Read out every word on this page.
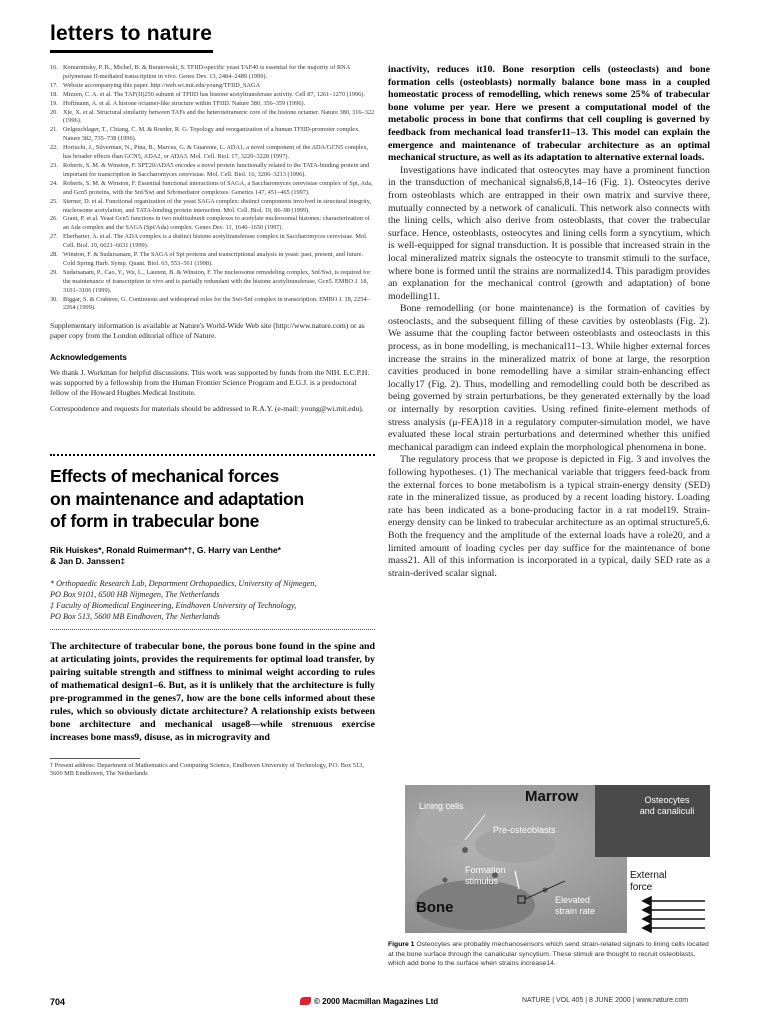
letters to nature
16. Komarnitsky, P. B., Michel, B. & Buratowski, S. TFIID-specific yeast TAF40 is essential for the majority of RNA polymerase II-mediated transcription in vivo. Genes Dev. 13, 2484–2489 (1999).
17. Website accompanying this paper. http://web.wi.mit.edu/young/TFIID_SAGA
18. Mizzen, C. A. et al. The TAF(II)250 subunit of TFIID has histone acetyltransferase activity. Cell 87, 1261–1270 (1996).
19. Hoffmann, A. et al. A histone octamer-like structure within TFIID. Nature 380, 356–359 (1996).
20. Xie, X. et al. Structural similarity between TAFs and the heterotetrameric core of the histone octamer. Nature 380, 316–322 (1996).
21. Oelgeschlager, T., Chiang, C. M. & Roeder, R. G. Topology and reorganization of a human TFIID-promoter complex. Nature 382, 735–738 (1996).
22. Horiuchi, J., Silverman, N., Pina, B., Marcus, G. & Guarente, L. ADA1, a novel component of the ADA/GCN5 complex, has broader effects than GCN5, ADA2, or ADA3. Mol. Cell. Biol. 17, 3220–3228 (1997).
23. Roberts, S. M. & Winston, F. SPT20/ADA5 encodes a novel protein functionally related to the TATA-binding protein and important for transcription in Saccharomyces cerevisiae. Mol. Cell. Biol. 16, 3206–3213 (1996).
24. Roberts, S. M. & Winston, F. Essential functional interactions of SAGA, a Saccharomyces cerevisiae complex of Spt, Ada, and Gcn5 proteins, with the Snf/Swi and Srb/mediator complexes. Genetics 147, 451–465 (1997).
25. Sterner, D. et al. Functional organization of the yeast SAGA complex: distinct components involved in structural integrity, nucleosome acetylation, and TATA-binding protein interaction. Mol. Cell. Biol. 19, 86–98 (1999).
26. Grant, P. et al. Yeast Gcn5 functions in two multisubunit complexes to acetylate nucleosomal histones: characterization of an Ada complex and the SAGA (Spt/Ada) complex. Genes Dev. 11, 1640–1650 (1997).
27. Eberharter, A. et al. The ADA complex is a distinct histone acetyltransferase complex in Saccharomyces cerevisiae. Mol. Cell. Biol. 19, 6621–6631 (1999).
28. Winston, F. & Sudarsanam, P. The SAGA of Spt proteins and transcriptional analysis in yeast: past, present, and future. Cold Spring Harb. Symp. Quant. Biol. 63, 553–561 (1998).
29. Sudarsanam, P., Cao, Y., Wu, L., Laurent, B. & Winston, F. The nucleosome remodeling complex, Snf/Swi, is required for the maintenance of transcription in vivo and is partially redundant with the histone acetyltransferase, Gcn5. EMBO J. 18, 3101–3106 (1999).
30. Biggar, S. & Crabtree, G. Continuous and widespread roles for the Swi-Snf complex in transcription. EMBO J. 18, 2254–2264 (1999).
Supplementary information is available at Nature's World-Wide Web site (http://www.nature.com) or as paper copy from the London editorial office of Nature.
Acknowledgements
We thank J. Workman for helpful discussions. This work was supported by funds from the NIH. E.C.P.H. was supported by a fellowship from the Human Frontier Science Program and E.G.J. is a predoctoral fellow of the Howard Hughes Medical Institute.
Correspondence and requests for materials should be addressed to R.A.Y. (e-mail: young@wi.mit.edu).
Effects of mechanical forces
on maintenance and adaptation
of form in trabecular bone
Rik Huiskes*, Ronald Ruimerman*†, G. Harry van Lenthe*
& Jan D. Janssen‡
* Orthopaedic Research Lab, Department Orthopaedics, University of Nijmegen,
PO Box 9101, 6500 HB Nijmegen, The Netherlands
‡ Faculty of Biomedical Engineering, Eindhoven University of Technology,
PO Box 513, 5600 MB Eindhoven, The Netherlands
The architecture of trabecular bone, the porous bone found in the spine and at articulating joints, provides the requirements for optimal load transfer, by pairing suitable strength and stiffness to minimal weight according to rules of mathematical design1–6. But, as it is unlikely that the architecture is fully pre-programmed in the genes7, how are the bone cells informed about these rules, which so obviously dictate architecture? A relationship exists between bone architecture and mechanical usage8—while strenuous exercise increases bone mass9, disuse, as in microgravity and
† Present address: Department of Mathematics and Computing Science, Eindhoven University of Technology, P.O. Box 513, 5600 MB Eindhoven, The Netherlands
inactivity, reduces it10. Bone resorption cells (osteoclasts) and bone formation cells (osteoblasts) normally balance bone mass in a coupled homeostatic process of remodelling, which renews some 25% of trabecular bone volume per year. Here we present a computational model of the metabolic process in bone that confirms that cell coupling is governed by feedback from mechanical load transfer11–13. This model can explain the emergence and maintenance of trabecular architecture as an optimal mechanical structure, as well as its adaptation to alternative external loads.

Investigations have indicated that osteocytes may have a prominent function in the transduction of mechanical signals6,8,14–16 (Fig. 1). Osteocytes derive from osteoblasts which are entrapped in their own matrix and survive there, mutually connected by a network of canaliculi. This network also connects with the lining cells, which also derive from osteoblasts, that cover the trabecular surface. Hence, osteoblasts, osteocytes and lining cells form a syncytium, which is well-equipped for signal transduction. It is possible that increased strain in the local mineralized matrix signals the osteocyte to transmit stimuli to the surface, where bone is formed until the strains are normalized14. This paradigm provides an explanation for the mechanical control (growth and adaptation) of bone modelling11.

Bone remodelling (or bone maintenance) is the formation of cavities by osteoclasts, and the subsequent filling of these cavities by osteoblasts (Fig. 2). We assume that the coupling factor between osteoblasts and osteoclasts in this process, as in bone modelling, is mechanical11–13. While higher external forces increase the strains in the mineralized matrix of bone at large, the resorption cavities produced in bone remodelling have a similar strain-enhancing effect locally17 (Fig. 2). Thus, modelling and remodelling could both be described as being governed by strain perturbations, be they generated externally by the load or internally by resorption cavities. Using refined finite-element methods of stress analysis (μ-FEA)18 in a regulatory computer-simulation model, we have evaluated these local strain perturbations and determined whether this unified mechanical paradigm can indeed explain the morphological phenomena in bone.

The regulatory process that we propose is depicted in Fig. 3 and involves the following hypotheses. (1) The mechanical variable that triggers feed-back from the external forces to bone metabolism is a typical strain-energy density (SED) rate in the mineralized tissue, as produced by a recent loading history. Loading rate has been indicated as a bone-producing factor in a rat model19. Strain-energy density can be linked to trabecular architecture as an optimal structure5,6. Both the frequency and the amplitude of the external loads have a role20, and a limited amount of loading cycles per day suffice for the maintenance of bone mass21. All of this information is incorporated in a typical, daily SED rate as a strain-derived scalar signal.

Lining cells
Marrow	Osteocytes and canaliculi
Pre-osteoblasts
Formation stimulus
Bone	Elevated strain rate
External force
Figure 1 Osteocytes are probably mechanosensors which send strain-related signals to lining cells located at the bone surface through the canalicular syncytium. These stimuli are thought to recruit osteoblasts, which add bone to the surface when strains increase14.
704	© 2000 Macmillan Magazines Ltd	NATURE | VOL 405 | 8 JUNE 2000 | www.nature.com
